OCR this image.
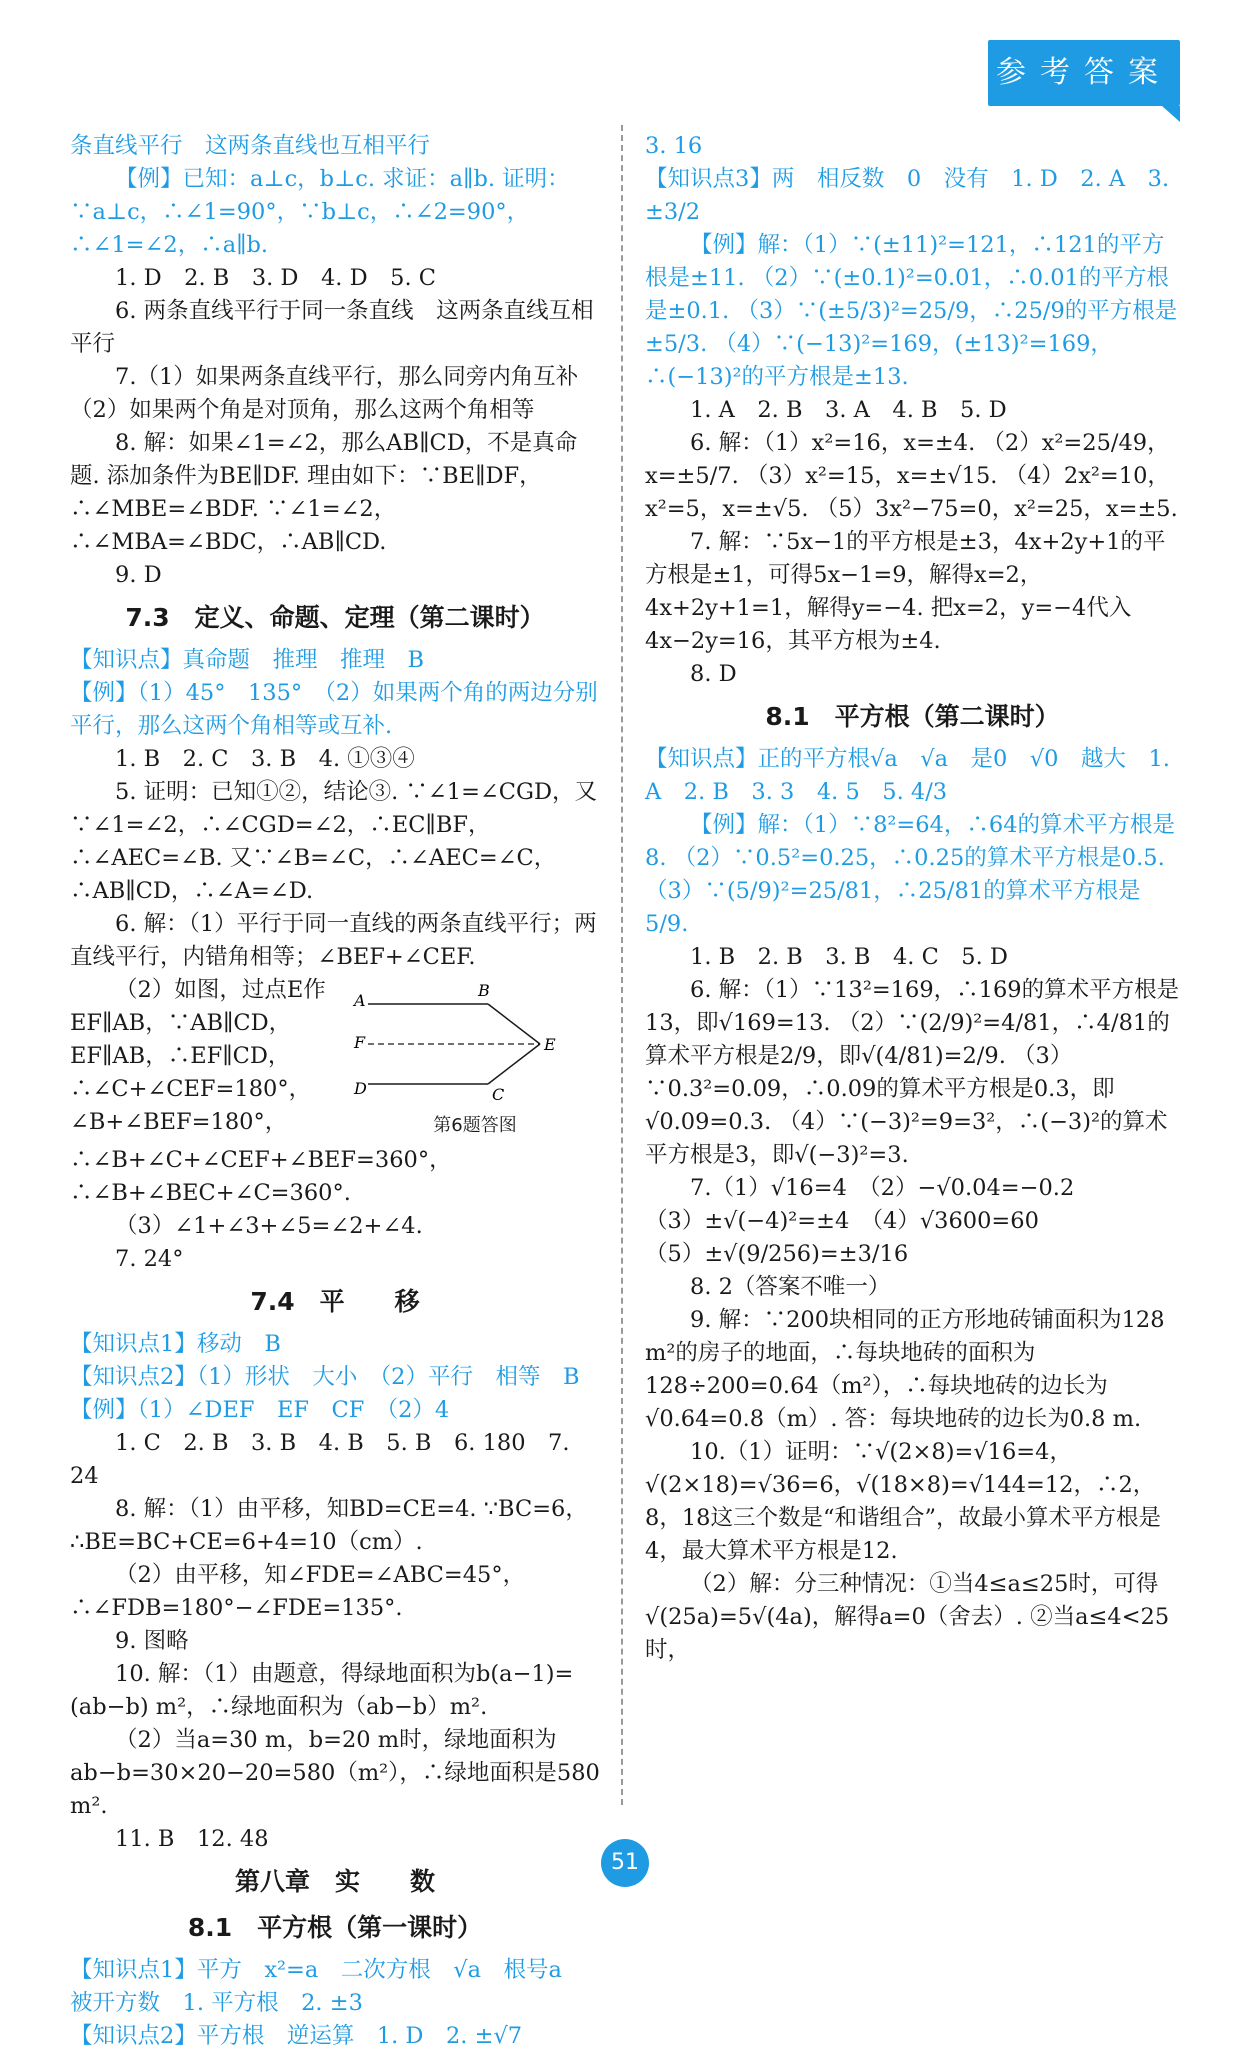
参考答案

条直线平行　这两条直线也互相平行

【例】已知：a⊥c，b⊥c. 求证：a∥b. 证明：∵a⊥c，∴∠1=90°，∵b⊥c，∴∠2=90°，∴∠1=∠2，∴a∥b.

1. D　2. B　3. D　4. D　5. C

6. 两条直线平行于同一条直线　这两条直线互相平行

7.（1）如果两条直线平行，那么同旁内角互补（2）如果两个角是对顶角，那么这两个角相等

8. 解：如果∠1=∠2，那么AB∥CD，不是真命题. 添加条件为BE∥DF. 理由如下：∵BE∥DF，∴∠MBE=∠BDF. ∵∠1=∠2，∴∠MBA=∠BDC，∴AB∥CD.

9. D

7.3　定义、命题、定理（第二课时）

【知识点】真命题　推理　推理　B

【例】（1）45°　135°　（2）如果两个角的两边分别平行，那么这两个角相等或互补.

1. B　2. C　3. B　4. ①③④

5. 证明：已知①②，结论③. ∵∠1=∠CGD，又∵∠1=∠2，∴∠CGD=∠2，∴EC∥BF，∴∠AEC=∠B. 又∵∠B=∠C，∴∠AEC=∠C，∴AB∥CD，∴∠A=∠D.

6. 解：（1）平行于同一直线的两条直线平行；两直线平行，内错角相等；∠BEF+∠CEF.

A
B
E
F
D	C
第6题答图

（2）如图，过点E作EF∥AB，∵AB∥CD，EF∥AB，∴EF∥CD，∴∠C+∠CEF=180°，∠B+∠BEF=180°，∴∠B+∠C+∠CEF+∠BEF=360°，∴∠B+∠BEC+∠C=360°.

（3）∠1+∠3+∠5=∠2+∠4.

7. 24°

7.4　平　　移

【知识点1】移动　B

【知识点2】（1）形状　大小　（2）平行　相等　B

【例】（1）∠DEF　EF　CF　（2）4

1. C　2. B　3. B　4. B　5. B　6. 180　7. 24

8. 解：（1）由平移，知BD=CE=4. ∵BC=6，∴BE=BC+CE=6+4=10（cm）.

（2）由平移，知∠FDE=∠ABC=45°，∴∠FDB=180°−∠FDE=135°.

9. 图略

10. 解：（1）由题意，得绿地面积为b(a−1)=(ab−b) m²，∴绿地面积为（ab−b）m².

（2）当a=30 m，b=20 m时，绿地面积为ab−b=30×20−20=580（m²），∴绿地面积是580 m².

11. B　12. 48

第八章　实　　数
8.1　平方根（第一课时）

【知识点1】平方　x²=a　二次方根　√a　根号a　被开方数　1. 平方根　2. ±3

【知识点2】平方根　逆运算　1. D　2. ±√7

3. 16

【知识点3】两　相反数　0　没有　1. D　2. A　3. ±3/2

【例】解：（1）∵(±11)²=121，∴121的平方根是±11. （2）∵(±0.1)²=0.01，∴0.01的平方根是±0.1. （3）∵(±5/3)²=25/9，∴25/9的平方根是±5/3. （4）∵(−13)²=169，(±13)²=169，∴(−13)²的平方根是±13.

1. A　2. B　3. A　4. B　5. D

6. 解：（1）x²=16，x=±4. （2）x²=25/49，x=±5/7. （3）x²=15，x=±√15. （4）2x²=10，x²=5，x=±√5. （5）3x²−75=0，x²=25，x=±5.

7. 解：∵5x−1的平方根是±3，4x+2y+1的平方根是±1，可得5x−1=9，解得x=2，4x+2y+1=1，解得y=−4. 把x=2，y=−4代入4x−2y=16，其平方根为±4.

8. D

8.1　平方根（第二课时）

【知识点】正的平方根√a　√a　是0　√0　越大　1. A　2. B　3. 3　4. 5　5. 4/3

【例】解：（1）∵8²=64，∴64的算术平方根是8. （2）∵0.5²=0.25，∴0.25的算术平方根是0.5. （3）∵(5/9)²=25/81，∴25/81的算术平方根是5/9.

1. B　2. B　3. B　4. C　5. D

6. 解：（1）∵13²=169，∴169的算术平方根是13，即√169=13. （2）∵(2/9)²=4/81，∴4/81的算术平方根是2/9，即√(4/81)=2/9. （3）∵0.3²=0.09，∴0.09的算术平方根是0.3，即√0.09=0.3. （4）∵(−3)²=9=3²，∴(−3)²的算术平方根是3，即√(−3)²=3.

7.（1）√16=4　（2）−√0.04=−0.2　（3）±√(−4)²=±4　（4）√3600=60　（5）±√(9/256)=±3/16

8. 2（答案不唯一）

9. 解：∵200块相同的正方形地砖铺面积为128 m²的房子的地面，∴每块地砖的面积为128÷200=0.64（m²），∴每块地砖的边长为√0.64=0.8（m）. 答：每块地砖的边长为0.8 m.

10.（1）证明：∵√(2×8)=√16=4，√(2×18)=√36=6，√(18×8)=√144=12，∴2，8，18这三个数是“和谐组合”，故最小算术平方根是4，最大算术平方根是12.

（2）解：分三种情况：①当4≤a≤25时，可得√(25a)=5√(4a)，解得a=0（舍去）. ②当a≤4<25时，

51
